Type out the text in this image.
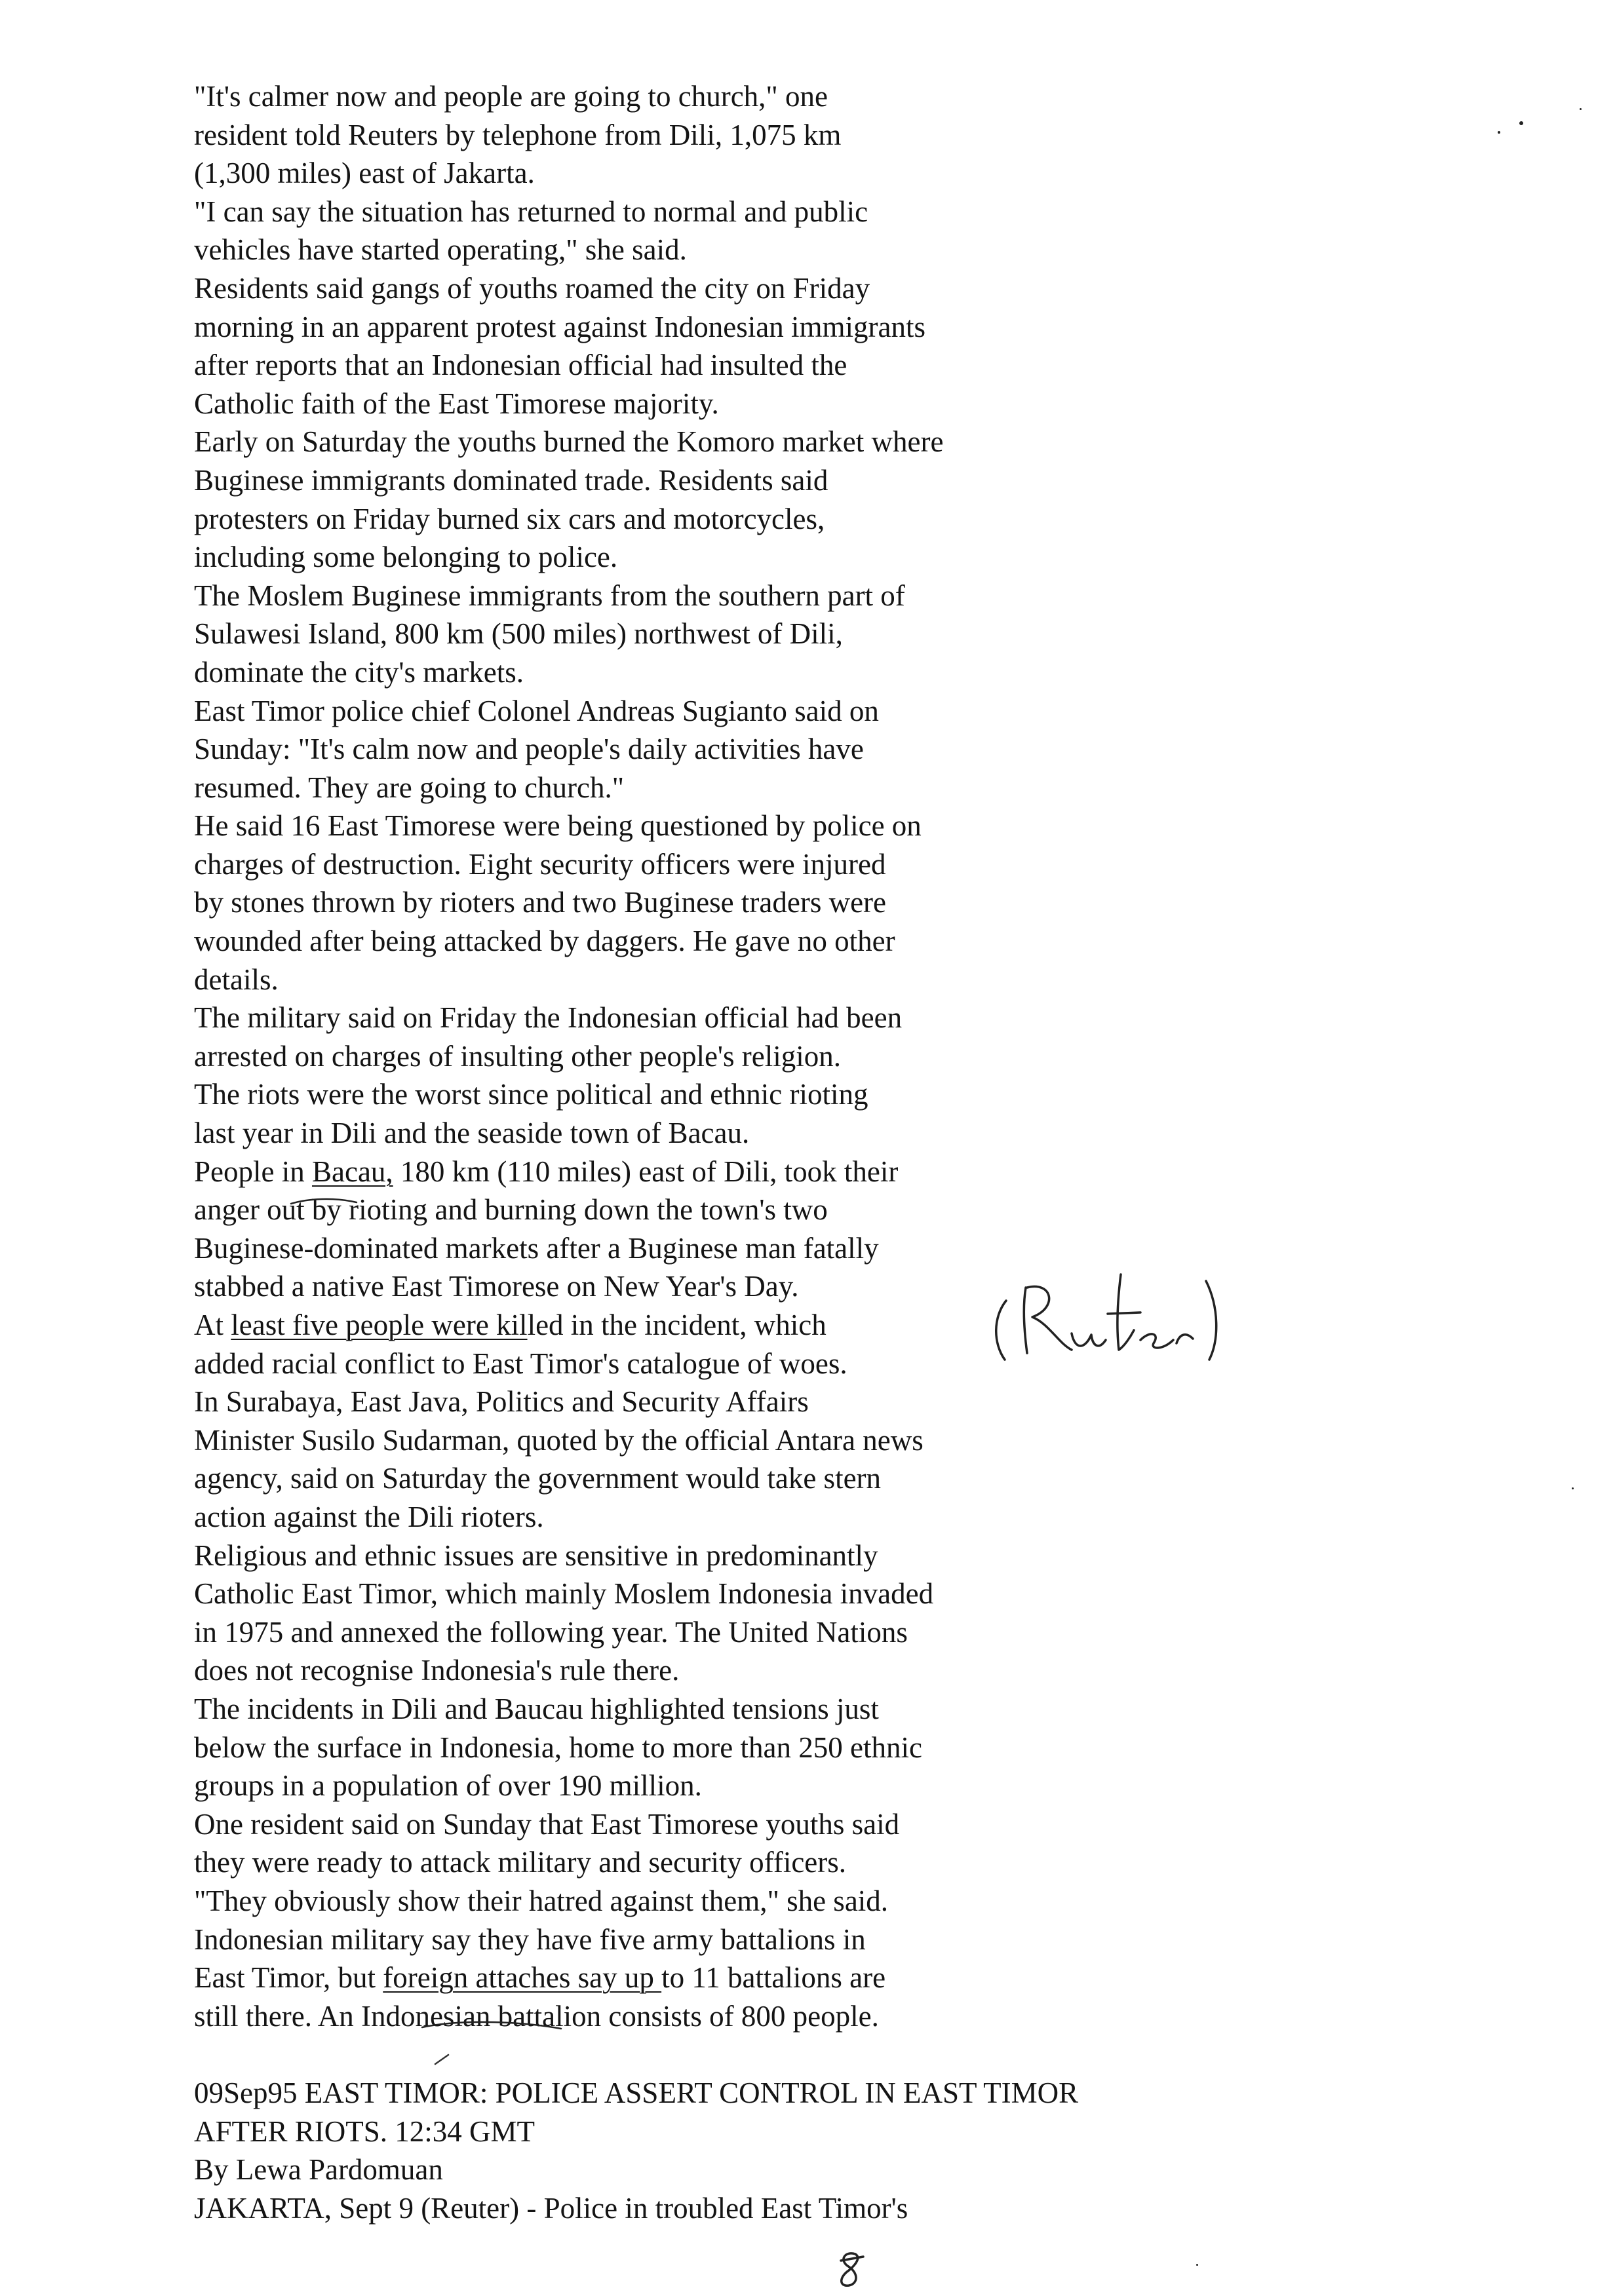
"It's calmer now and people are going to church," one
resident told Reuters by telephone from Dili, 1,075 km
(1,300 miles) east of Jakarta.
"I can say the situation has returned to normal and public
vehicles have started operating," she said.
Residents said gangs of youths roamed the city on Friday
morning in an apparent protest against Indonesian immigrants
after reports that an Indonesian official had insulted the
Catholic faith of the East Timorese majority.
Early on Saturday the youths burned the Komoro market where
Buginese immigrants dominated trade. Residents said
protesters on Friday burned six cars and motorcycles,
including some belonging to police.
The Moslem Buginese immigrants from the southern part of
Sulawesi Island, 800 km (500 miles) northwest of Dili,
dominate the city's markets.
East Timor police chief Colonel Andreas Sugianto said on
Sunday: "It's calm now and people's daily activities have
resumed. They are going to church."
He said 16 East Timorese were being questioned by police on
charges of destruction. Eight security officers were injured
by stones thrown by rioters and two Buginese traders were
wounded after being attacked by daggers. He gave no other
details.
The military said on Friday the Indonesian official had been
arrested on charges of insulting other people's religion.
The riots were the worst since political and ethnic rioting
last year in Dili and the seaside town of Bacau.
People in Bacau, 180 km (110 miles) east of Dili, took their
anger out by rioting and burning down the town's two
Buginese-dominated markets after a Buginese man fatally
stabbed a native East Timorese on New Year's Day.
At least five people were killed in the incident, which
added racial conflict to East Timor's catalogue of woes.
In Surabaya, East Java, Politics and Security Affairs
Minister Susilo Sudarman, quoted by the official Antara news
agency, said on Saturday the government would take stern
action against the Dili rioters.
Religious and ethnic issues are sensitive in predominantly
Catholic East Timor, which mainly Moslem Indonesia invaded
in 1975 and annexed the following year. The United Nations
does not recognise Indonesia's rule there.
The incidents in Dili and Baucau highlighted tensions just
below the surface in Indonesia, home to more than 250 ethnic
groups in a population of over 190 million.
One resident said on Sunday that East Timorese youths said
they were ready to attack military and security officers.
"They obviously show their hatred against them," she said.
Indonesian military say they have five army battalions in
East Timor, but foreign attaches say up to 11 battalions are
still there. An Indonesian battalion consists of 800 people.
09Sep95 EAST TIMOR: POLICE ASSERT CONTROL IN EAST TIMOR
AFTER RIOTS. 12:34 GMT
By Lewa Pardomuan
JAKARTA, Sept 9 (Reuter) - Police in troubled East Timor's
